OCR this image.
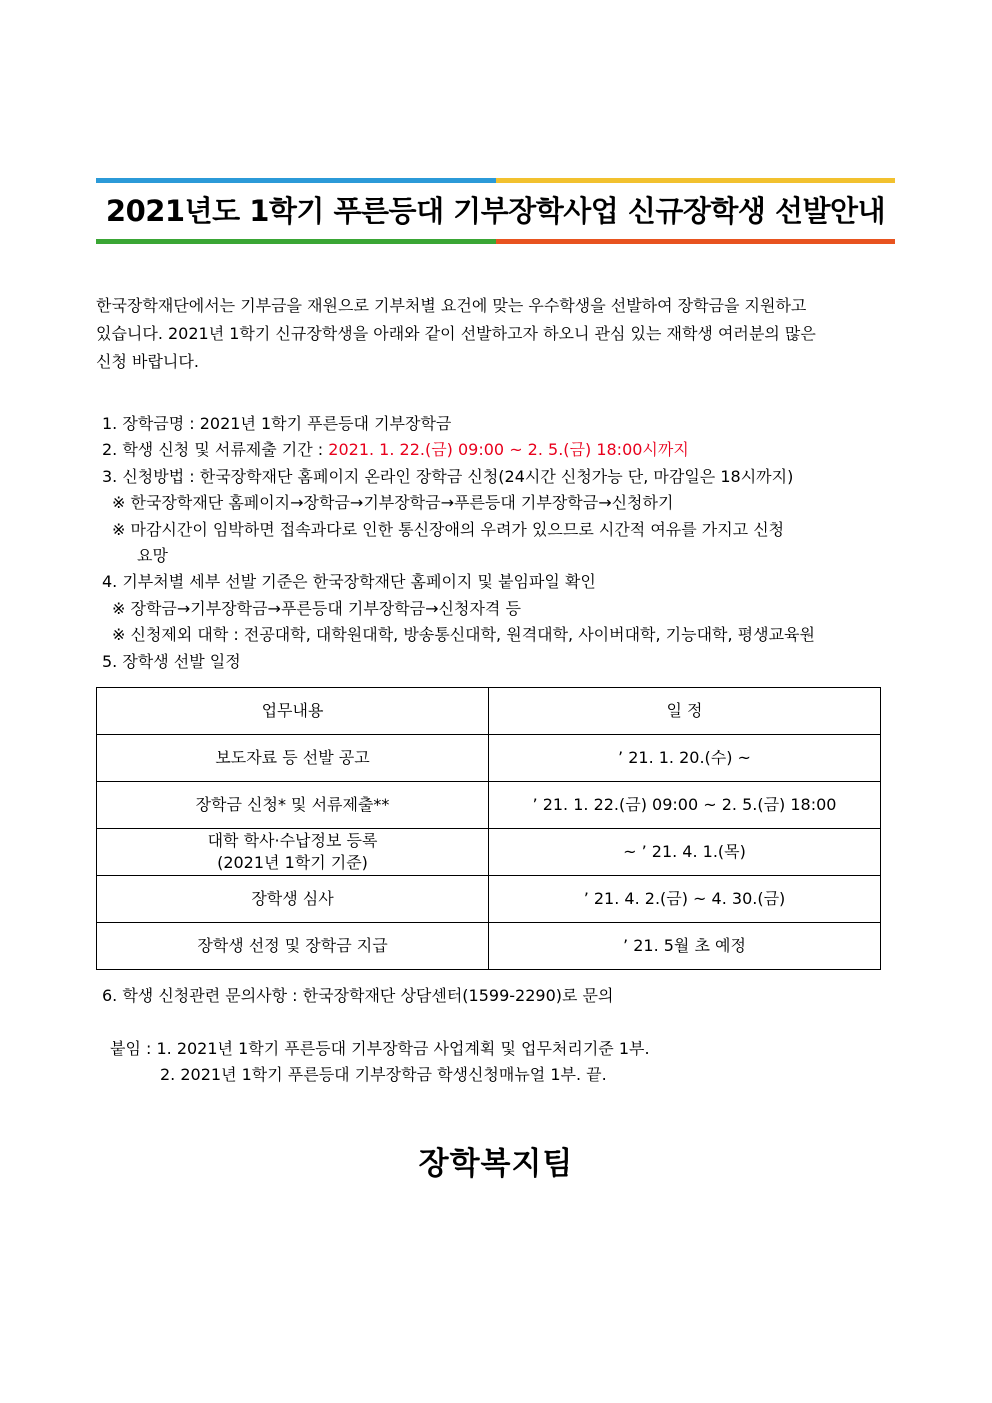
2021년도 1학기 푸른등대 기부장학사업 신규장학생 선발안내

한국장학재단에서는 기부금을 재원으로 기부처별 요건에 맞는 우수학생을 선발하여 장학금을 지원하고

있습니다. 2021년 1학기 신규장학생을 아래와 같이 선발하고자 하오니 관심 있는 재학생 여러분의 많은

신청 바랍니다.

1. 장학금명 : 2021년 1학기 푸른등대 기부장학금
2. 학생 신청 및 서류제출 기간 : 2021. 1. 22.(금) 09:00 ~ 2. 5.(금) 18:00시까지
3. 신청방법 : 한국장학재단 홈페이지 온라인 장학금 신청(24시간 신청가능 단, 마감일은 18시까지)
※ 한국장학재단 홈페이지→장학금→기부장학금→푸른등대 기부장학금→신청하기
※ 마감시간이 임박하면 접속과다로 인한 통신장애의 우려가 있으므로 시간적 여유를 가지고 신청
요망
4. 기부처별 세부 선발 기준은 한국장학재단 홈페이지 및 붙임파일 확인
※ 장학금→기부장학금→푸른등대 기부장학금→신청자격 등
※ 신청제외 대학 : 전공대학, 대학원대학, 방송통신대학, 원격대학, 사이버대학, 기능대학, 평생교육원
5. 장학생 선발 일정
업무내용	일 정
보도자료 등 선발 공고	’ 21. 1. 20.(수) ~
장학금 신청* 및 서류제출**	’ 21. 1. 22.(금) 09:00 ~ 2. 5.(금) 18:00

대학 학사·수납정보 등록
(2021년 1학기 기준)	~ ’ 21. 4. 1.(목)
장학생 심사	’ 21. 4. 2.(금) ~ 4. 30.(금)
장학생 선정 및 장학금 지급	’ 21. 5월 초 예정
6. 학생 신청관련 문의사항 : 한국장학재단 상담센터(1599-2290)로 문의
붙임 : 1. 2021년 1학기 푸른등대 기부장학금 사업계획 및 업무처리기준 1부.
2. 2021년 1학기 푸른등대 기부장학금 학생신청매뉴얼 1부. 끝.
장학복지팀
